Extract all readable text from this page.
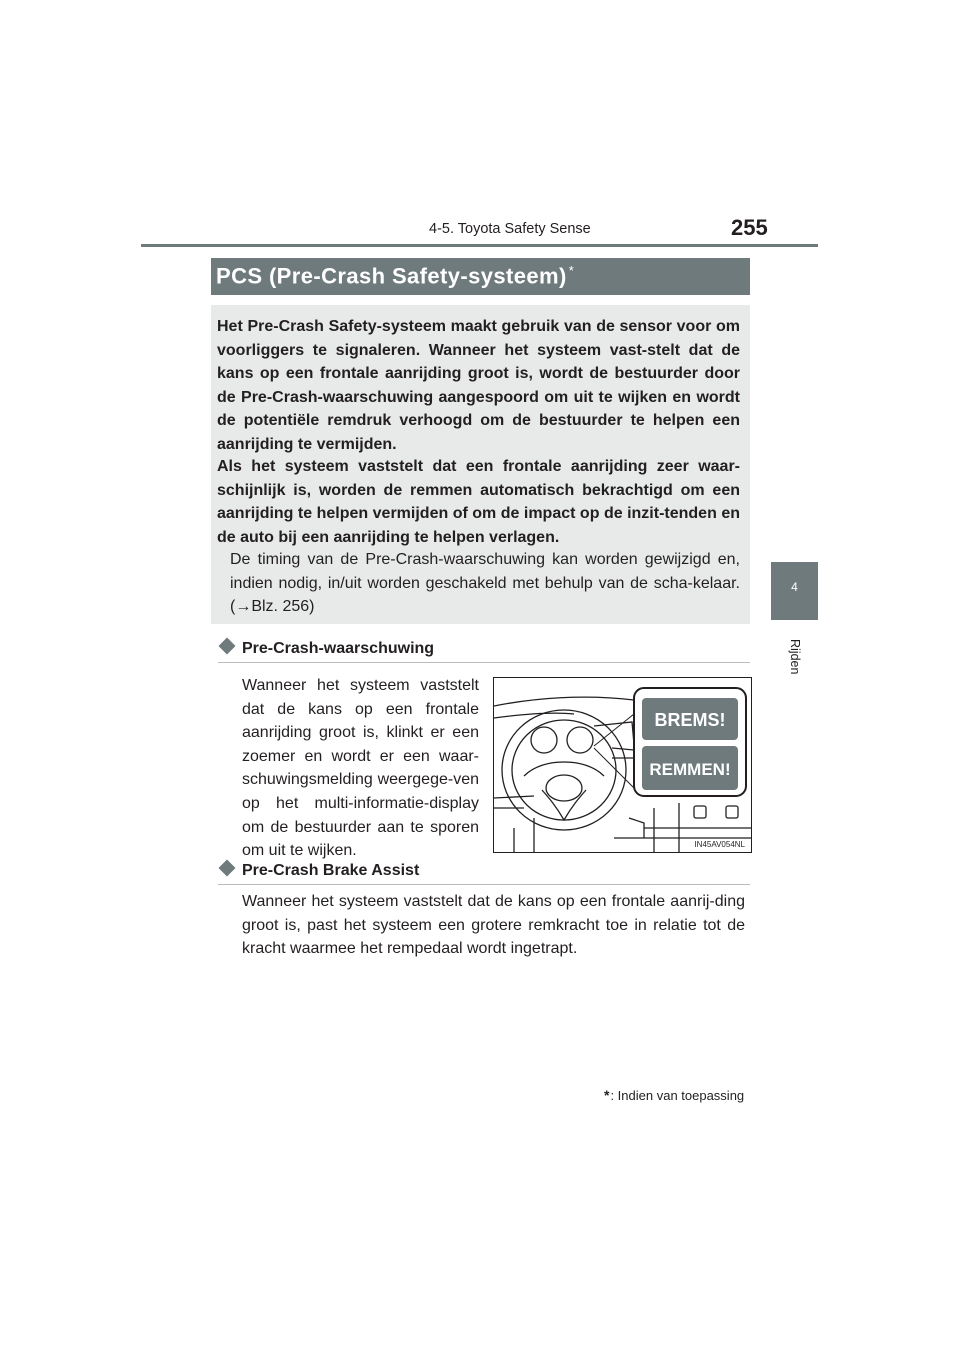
4-5. Toyota Safety Sense	255
4
Rijden
PCS (Pre-Crash Safety-systeem) *

Het Pre-Crash Safety-systeem maakt gebruik van de sensor voor om voorliggers te signaleren. Wanneer het systeem vast-stelt dat de kans op een frontale aanrijding groot is, wordt de bestuurder door de Pre-Crash-waarschuwing aangespoord om uit te wijken en wordt de potentiële remdruk verhoogd om de bestuurder te helpen een aanrijding te vermijden.

Als het systeem vaststelt dat een frontale aanrijding zeer waar-schijnlijk is, worden de remmen automatisch bekrachtigd om een aanrijding te helpen vermijden of om de impact op de inzit-tenden en de auto bij een aanrijding te helpen verlagen.

De timing van de Pre-Crash-waarschuwing kan worden gewijzigd en, indien nodig, in/uit worden geschakeld met behulp van de scha-kelaar. (→Blz. 256)

Pre-Crash-waarschuwing

Wanneer het systeem vaststelt dat de kans op een frontale aanrijding groot is, klinkt er een zoemer en wordt er een waar-schuwingsmelding weergege-ven op het multi-informatie-display om de bestuurder aan te sporen om uit te wijken.

BREMS!
REMMEN!
IN45AV054NL
Pre-Crash Brake Assist

Wanneer het systeem vaststelt dat de kans op een frontale aanrij-ding groot is, past het systeem een grotere remkracht toe in relatie tot de kracht waarmee het rempedaal wordt ingetrapt.

*: Indien van toepassing
